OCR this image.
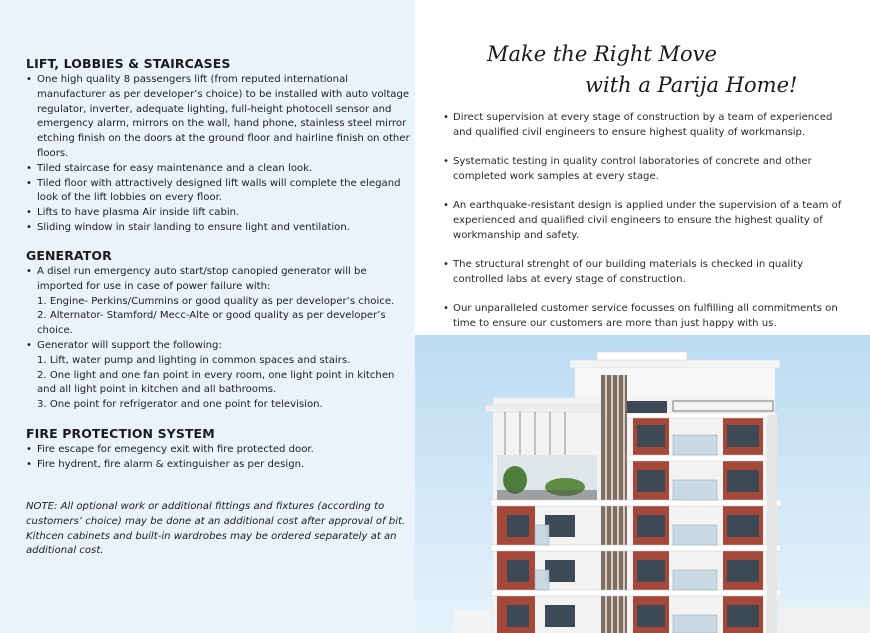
LIFT, LOBBIES & STAIRCASES
• One high quality 8 passengers lift (from reputed international manufacturer as per developer’s choice) to be installed with auto voltage regulator, inverter, adequate lighting, full-height photocell sensor and emergency alarm, mirrors on the wall, hand phone, stainless steel mirror etching finish on the doors at the ground floor and hairline finish on other floors.
• Tiled staircase for easy maintenance and a clean look.
• Tiled floor with attractively designed lift walls will complete the elegand look of the lift lobbies on every floor.
• Lifts to have plasma Air inside lift cabin.
• Sliding window in stair landing to ensure light and ventilation.
GENERATOR
• A disel run emergency auto start/stop canopied generator will be imported for use in case of power failure with:
1. Engine- Perkins/Cummins or good quality as per developer’s choice.
2. Alternator- Stamford/ Mecc-Alte or good quality as per developer’s choice.
• Generator will support the following:
1. Lift, water pump and lighting in common spaces and stairs.
2. One light and one fan point in every room, one light point in kitchen and all light point in kitchen and all bathrooms.
3. One point for refrigerator and one point for television.
FIRE PROTECTION SYSTEM
• Fire escape for emegency exit with fire protected door.
• Fire hydrent, fire alarm & extinguisher as per design.
NOTE: All optional work or additional fittings and fixtures (according to customers’ choice) may be done at an additional cost after approval of bit. Kithcen cabinets and built-in wardrobes may be ordered separately at an additional cost.
Make the Right Move
with a Parija Home!
• Direct supervision at every stage of construction by a team of experienced and qualified civil engineers to ensure highest quality of workmansip.
• Systematic testing in quality control laboratories of concrete and other completed work samples at every stage.
• An earthquake-resistant design is applied under the supervision of a team of experienced and qualified civil engineers to ensure the highest quality of workmanship and safety.
• The structural strenght of our building materials is checked in quality controlled labs at every stage of construction.
• Our unparalleled customer service focusses on fulfilling all commitments on time to ensure our customers are more than just happy with us.
